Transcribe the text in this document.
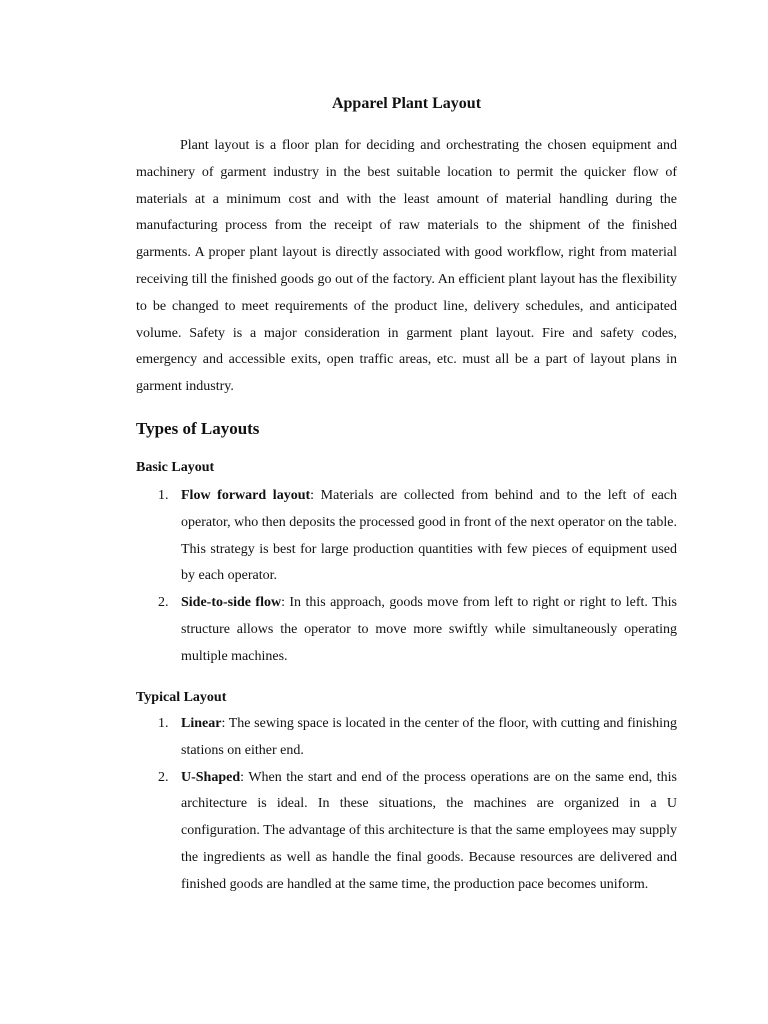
Apparel Plant Layout

Plant layout is a floor plan for deciding and orchestrating the chosen equipment and machinery of garment industry in the best suitable location to permit the quicker flow of materials at a minimum cost and with the least amount of material handling during the manufacturing process from the receipt of raw materials to the shipment of the finished garments. A proper plant layout is directly associated with good workflow, right from material receiving till the finished goods go out of the factory. An efficient plant layout has the flexibility to be changed to meet requirements of the product line, delivery schedules, and anticipated volume. Safety is a major consideration in garment plant layout. Fire and safety codes, emergency and accessible exits, open traffic areas, etc. must all be a part of layout plans in garment industry.

Types of Layouts
Basic Layout
1. Flow forward layout: Materials are collected from behind and to the left of each operator, who then deposits the processed good in front of the next operator on the table. This strategy is best for large production quantities with few pieces of equipment used by each operator.
2. Side-to-side flow: In this approach, goods move from left to right or right to left. This structure allows the operator to move more swiftly while simultaneously operating multiple machines.
Typical Layout
1. Linear: The sewing space is located in the center of the floor, with cutting and finishing stations on either end.
2. U-Shaped: When the start and end of the process operations are on the same end, this architecture is ideal. In these situations, the machines are organized in a U configuration. The advantage of this architecture is that the same employees may supply the ingredients as well as handle the final goods. Because resources are delivered and finished goods are handled at the same time, the production pace becomes uniform.
